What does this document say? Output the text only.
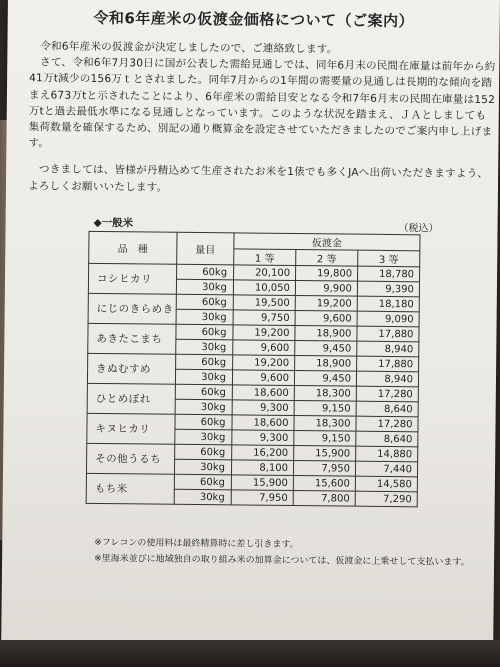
令和6年産米の仮渡金価格について（ご案内）

　令和6年産米の仮渡金が決定しましたので、ご連絡致します。

　さて、令和6年7月30日に国が公表した需給見通しでは、同年6月末の民間在庫量は前年から約41万t減少の156万ｔとされました。同年7月からの1年間の需要量の見通しは長期的な傾向を踏まえ673万tと示されたことにより、6年産米の需給目安となる令和7年6月末の民間在庫量は152万tと過去最低水準になる見通しとなっています。このような状況を踏まえ、ＪＡとしましても集荷数量を確保するため、別記の通り概算金を設定させていただきましたのでご案内申し上げます。

　つきましては、皆様が丹精込めて生産されたお米を1俵でも多くJAへ出荷いただきますよう、よろしくお願いいたします。

◆一般米	（税込）
品　種	量目	仮渡金		
		1 等	2 等	3 等
コシヒカリ	60kg	20,100	19,800	18,780
	30kg	10,050	9,900	9,390
にじのきらめき	60kg	19,500	19,200	18,180
	30kg	9,750	9,600	9,090
あきたこまち	60kg	19,200	18,900	17,880
	30kg	9,600	9,450	8,940
きぬむすめ	60kg	19,200	18,900	17,880
	30kg	9,600	9,450	8,940
ひとめぼれ	60kg	18,600	18,300	17,280
	30kg	9,300	9,150	8,640
キヌヒカリ	60kg	18,600	18,300	17,280
	30kg	9,300	9,150	8,640
その他うるち	60kg	16,200	15,900	14,880
	30kg	8,100	7,950	7,440
もち米	60kg	15,900	15,600	14,580
	30kg	7,950	7,800	7,290

※フレコンの使用料は最終精算時に差し引きます。

※里海米並びに地域独自の取り組み米の加算金については、仮渡金に上乗せして支払います。
